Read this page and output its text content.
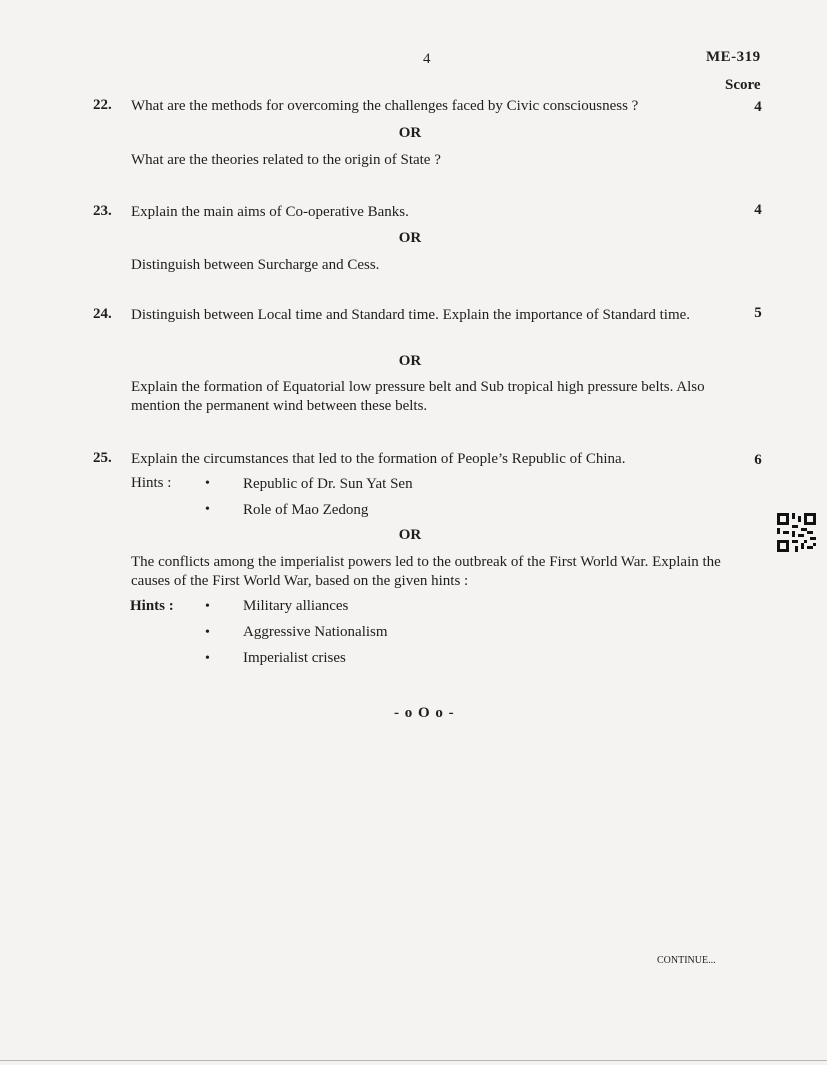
4	ME-319
Score
22. What are the methods for overcoming the challenges faced by Civic consciousness ?	4
OR
What are the theories related to the origin of State ?
23. Explain the main aims of Co-operative Banks.	4
OR
Distinguish between Surcharge and Cess.
24. Distinguish between Local time and Standard time. Explain the importance of Standard time.	5
OR
Explain the formation of Equatorial low pressure belt and Sub tropical high pressure belts. Also mention the permanent wind between these belts.
25. Explain the circumstances that led to the formation of People’s Republic of China.	6
Hints : • Republic of Dr. Sun Yat Sen
• Role of Mao Zedong
OR
The conflicts among the imperialist powers led to the outbreak of the First World War. Explain the causes of the First World War, based on the given hints :
Hints : • Military alliances
• Aggressive Nationalism
• Imperialist crises
- o O o -
CONTINUE...
